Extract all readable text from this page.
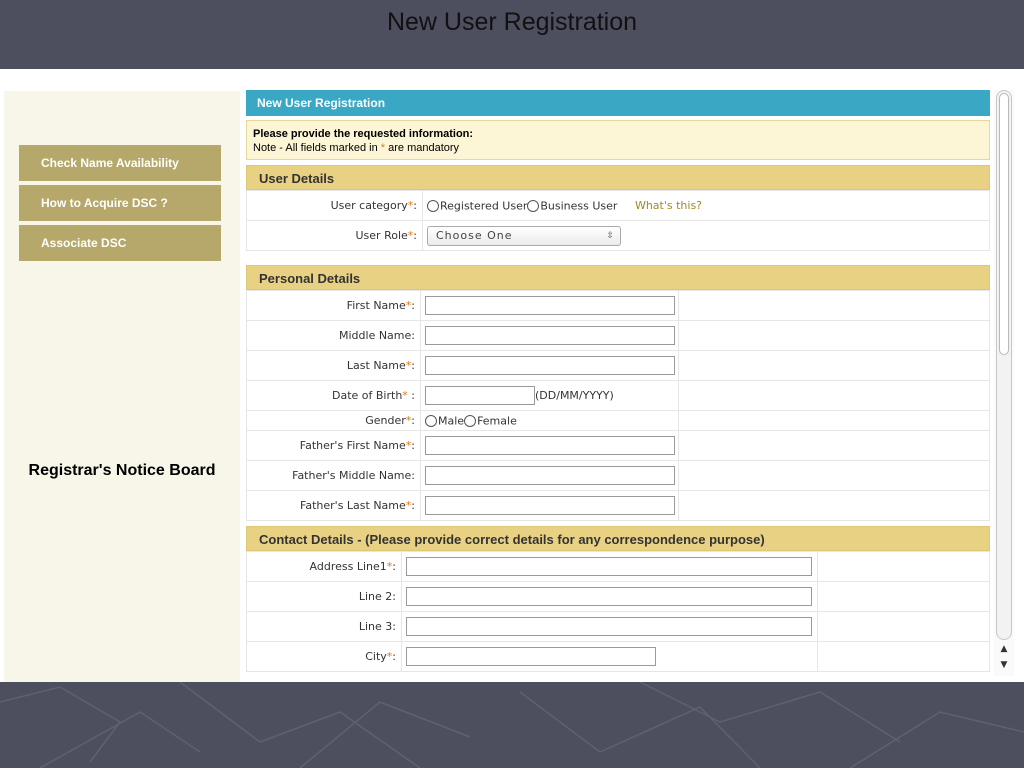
New User Registration
Check Name Availability
How to Acquire DSC ?
Associate DSC
Registrar's Notice Board
New User Registration
Please provide the requested information:
Note - All fields marked in * are mandatory
User Details
User category*:	Registered User Business User What's this?
User Role*:	Choose One ⇳
Personal Details
First Name*:		
Middle Name:		
Last Name*:		
Date of Birth* :	(DD/MM/YYYY)	
Gender*:	Male Female	
Father's First Name*:		
Father's Middle Name:		
Father's Last Name*:		
Contact Details - (Please provide correct details for any correspondence purpose)
Address Line1*:		
Line 2:		
Line 3:		
City*:		
▲
▼
